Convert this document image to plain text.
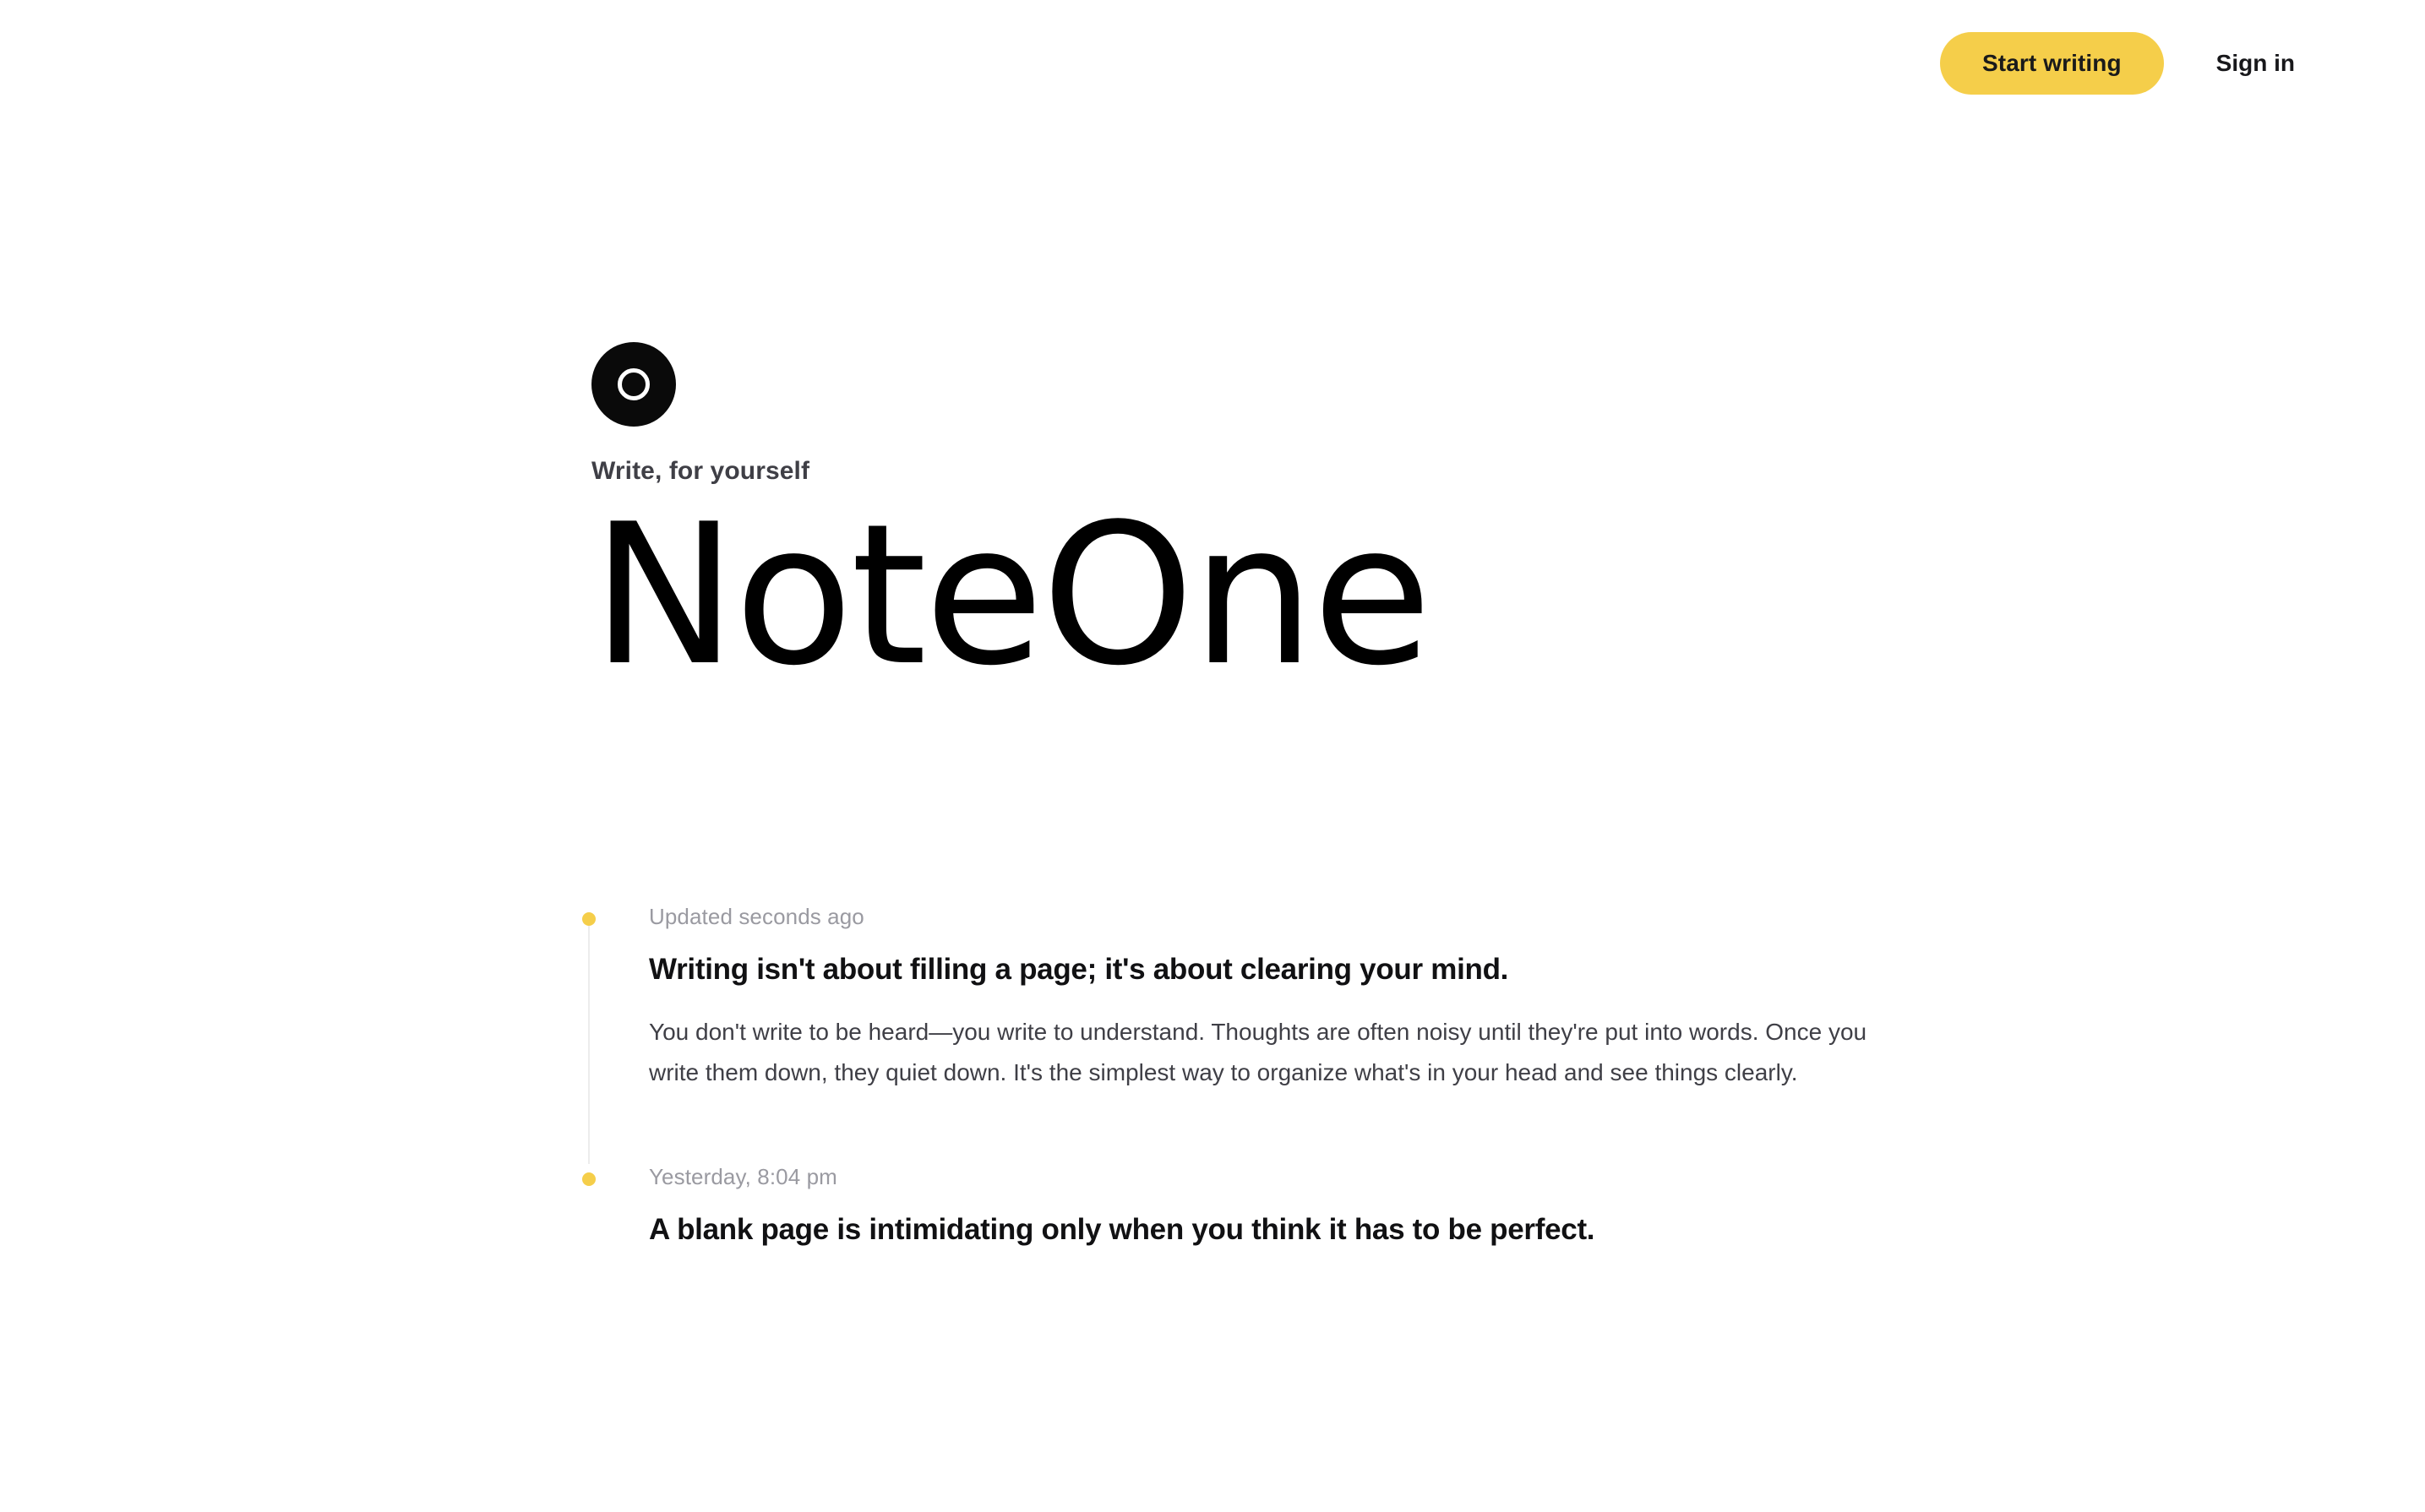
Start writing	Sign in
Write, for yourself
NoteOne
Updated seconds ago
Writing isn't about filling a page; it's about clearing your mind.
You don't write to be heard—you write to understand. Thoughts are often noisy until they're put into words. Once you write them down, they quiet down. It's the simplest way to organize what's in your head and see things clearly.
Yesterday, 8:04 pm
A blank page is intimidating only when you think it has to be perfect.
